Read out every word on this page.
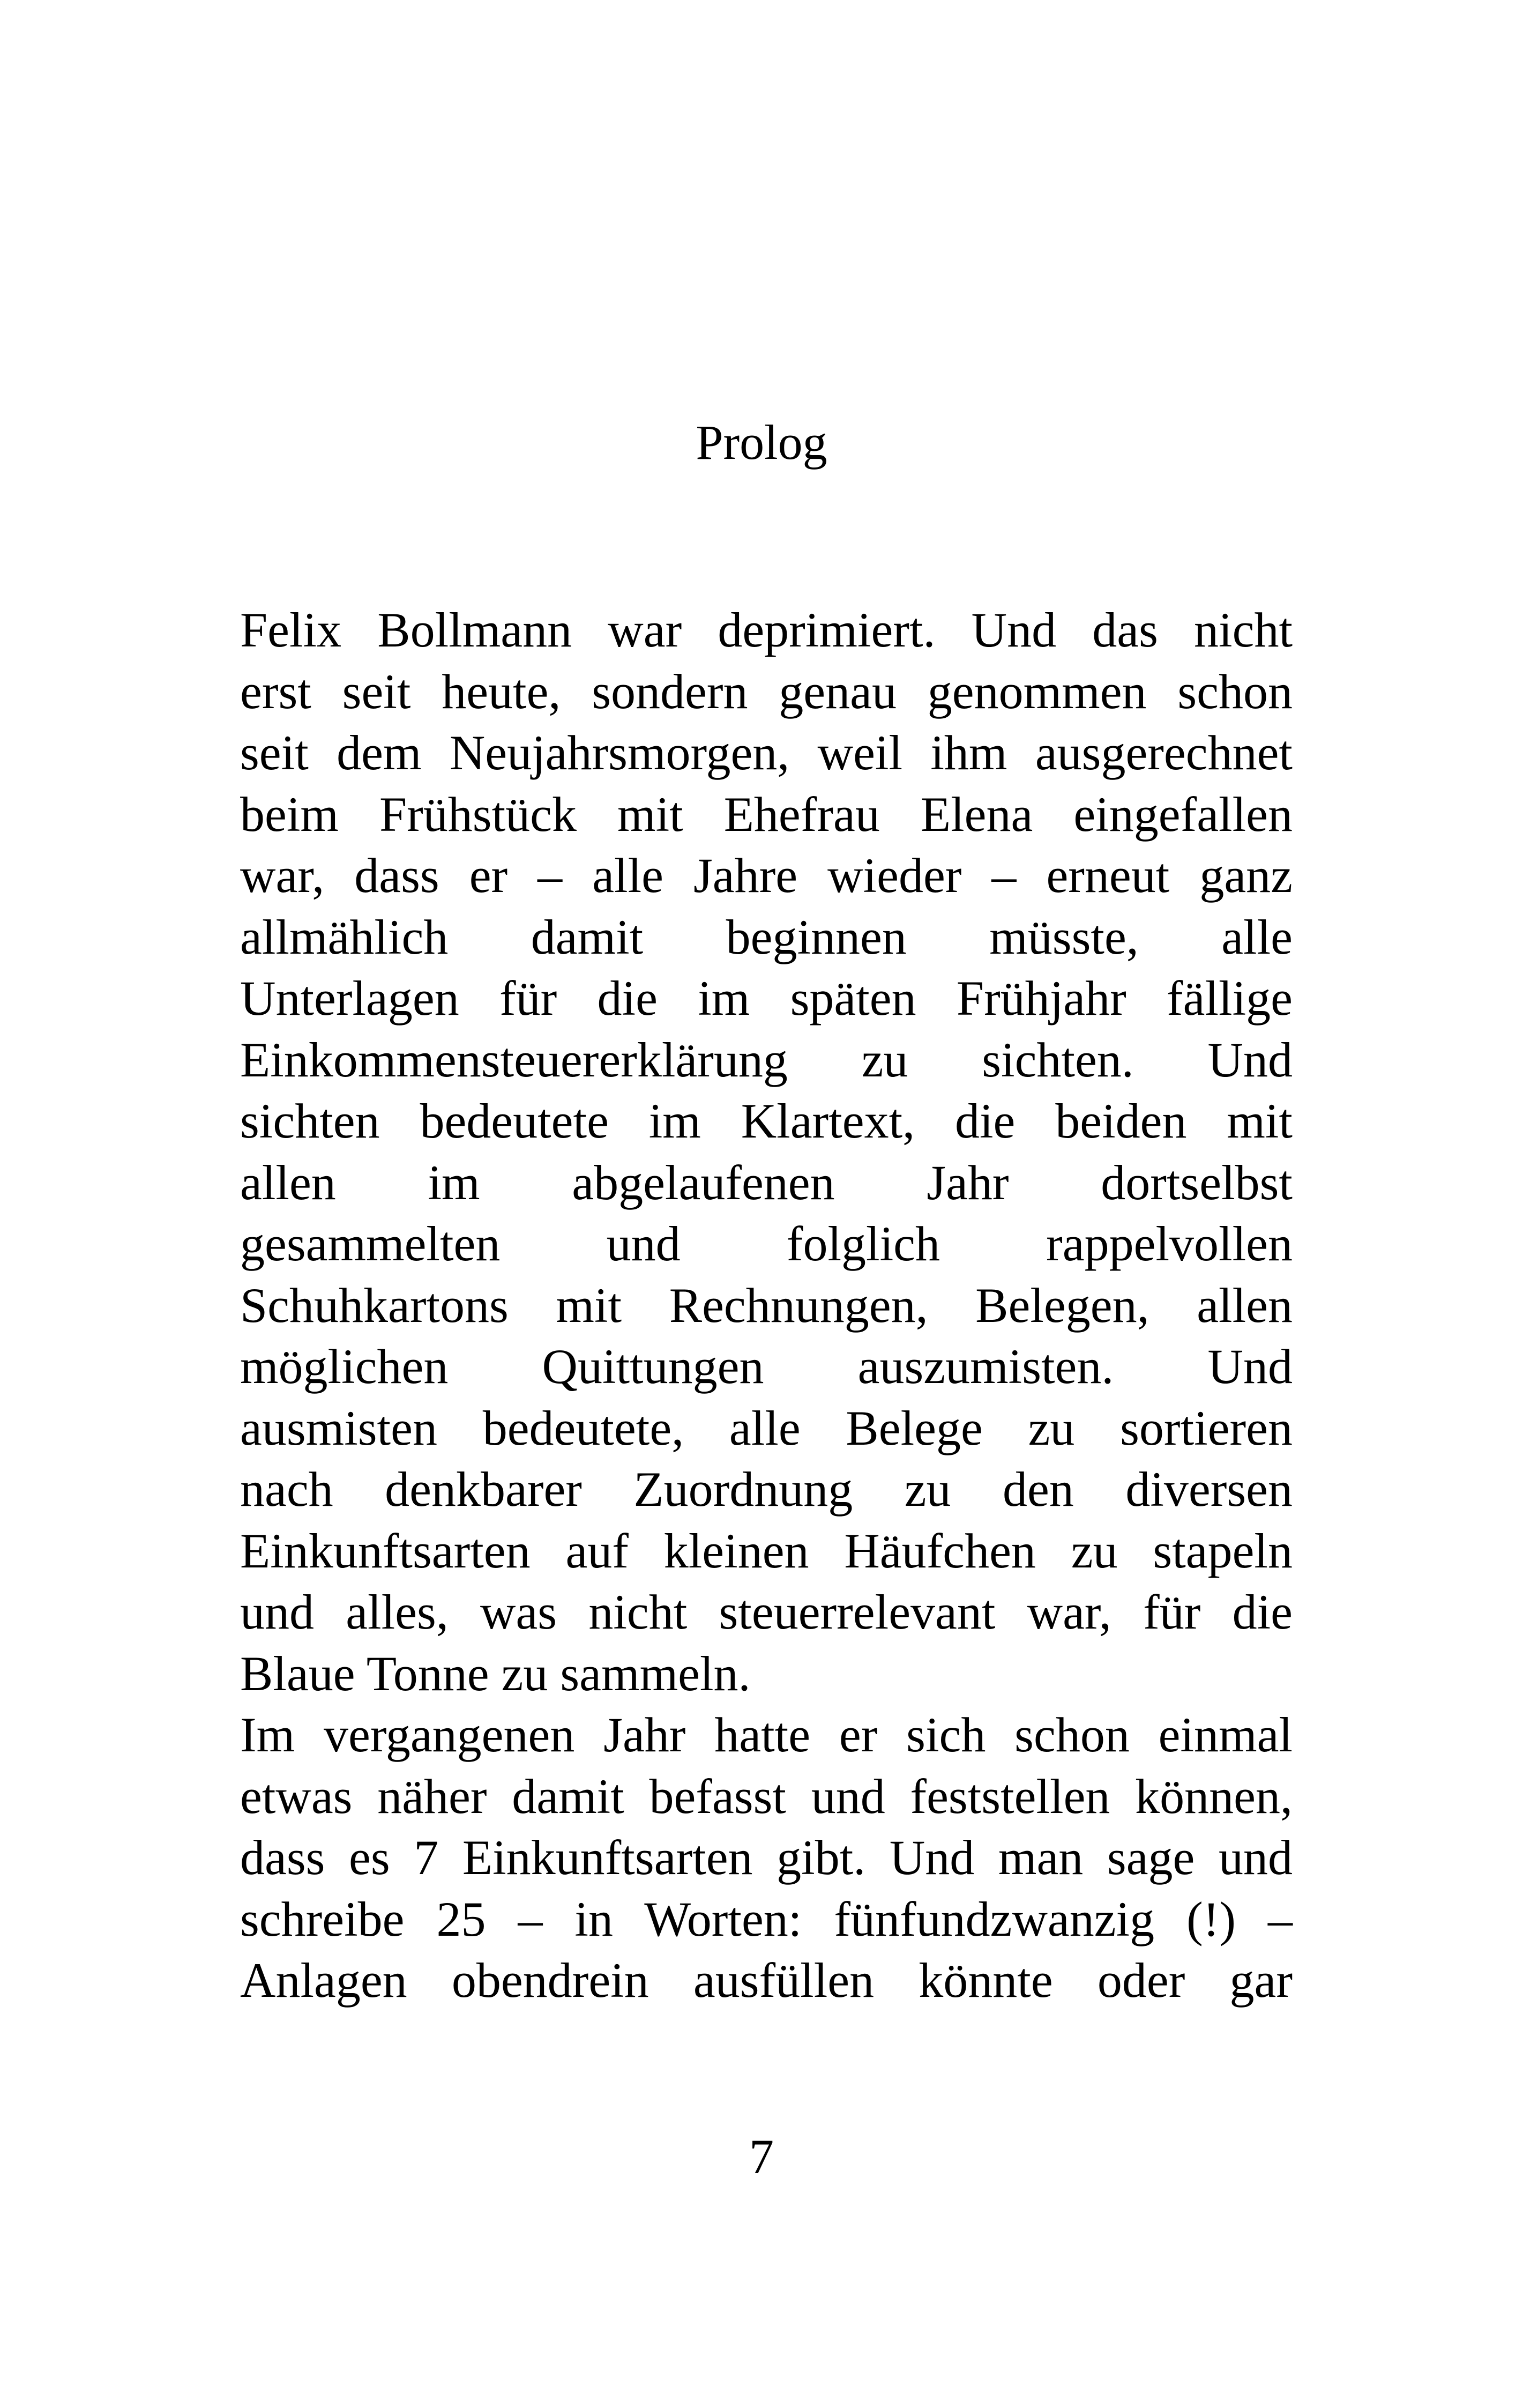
Prolog
Felix Bollmann war deprimiert. Und das nicht
erst seit heute, sondern genau genommen schon
seit dem Neujahrsmorgen, weil ihm ausgerechnet
beim Frühstück mit Ehefrau Elena eingefallen
war, dass er – alle Jahre wieder – erneut ganz
allmählich damit beginnen müsste, alle
Unterlagen für die im späten Frühjahr fällige
Einkommensteuererklärung zu sichten. Und
sichten bedeutete im Klartext, die beiden mit
allen im abgelaufenen Jahr dortselbst
gesammelten und folglich rappelvollen
Schuhkartons mit Rechnungen, Belegen, allen
möglichen Quittungen auszumisten. Und
ausmisten bedeutete, alle Belege zu sortieren
nach denkbarer Zuordnung zu den diversen
Einkunftsarten auf kleinen Häufchen zu stapeln
und alles, was nicht steuerrelevant war, für die
Blaue Tonne zu sammeln.
Im vergangenen Jahr hatte er sich schon einmal
etwas näher damit befasst und feststellen können,
dass es 7 Einkunftsarten gibt. Und man sage und
schreibe 25 – in Worten: fünfundzwanzig (!) –
Anlagen obendrein ausfüllen könnte oder gar
7
